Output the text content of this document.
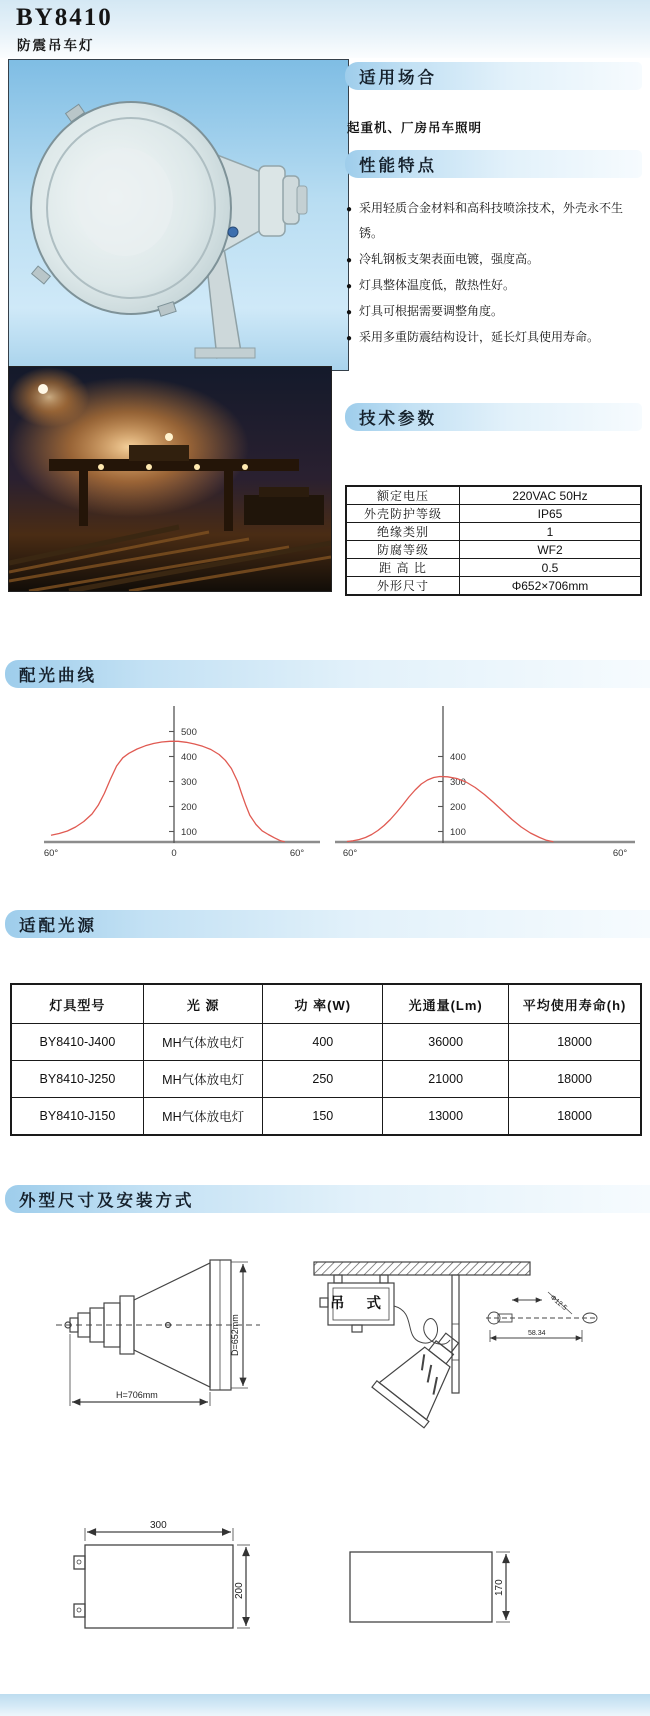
BY8410
防震吊车灯
适用场合
起重机、厂房吊车照明
性能特点
●
采用轻质合金材料和高科技喷涂技术，外壳永不生锈。
●
冷轧钢板支架表面电镀，强度高。
●
灯具整体温度低，散热性好。
●
灯具可根据需要调整角度。
●
采用多重防震结构设计，延长灯具使用寿命。
技术参数
额定电压	220VAC 50Hz
外壳防护等级	IP65
绝缘类别	1
防腐等级	WF2
距 高 比	0.5
外形尺寸	Φ652×706mm
配光曲线
100
200
300
400
500
60°	0	60°
100
200
300
400
60°	60°
适配光源
灯具型号	光 源	功 率(W)	光通量(Lm)	平均使用寿命(h)
BY8410-J400	MH气体放电灯	400	36000	18000
BY8410-J250	MH气体放电灯	250	21000	18000
BY8410-J150	MH气体放电灯	150	13000	18000
外型尺寸及安装方式
D=652mm
H=706mm
Φ12.5
58.34
吊 式
300
200	170
